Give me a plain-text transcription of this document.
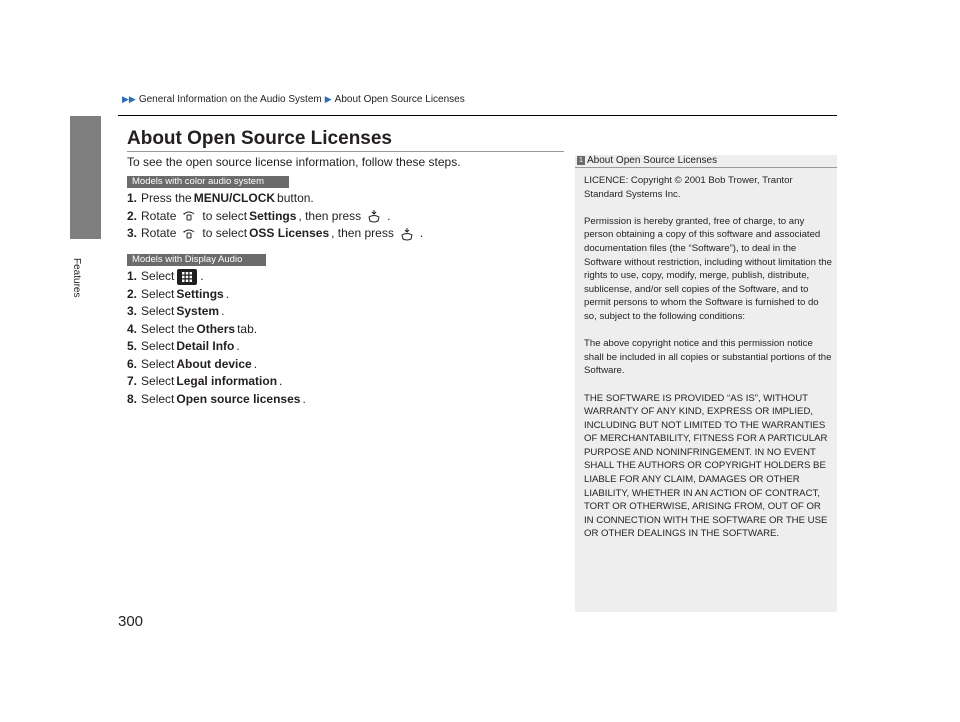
Features
▶▶ General Information on the Audio System ▶ About Open Source Licenses
About Open Source Licenses
To see the open source license information, follow these steps.
Models with color audio system
1. Press the MENU/CLOCK button.
2. Rotate to select Settings , then press .
3. Rotate to select OSS Licenses , then press .
Models with Display Audio
1. Select .
2. Select Settings .
3. Select System .
4. Select the Others tab.
5. Select Detail Info .
6. Select About device .
7. Select Legal information .
8. Select Open source licenses .
1 About Open Source Licenses

LICENCE: Copyright © 2001 Bob Trower, Trantor Standard Systems Inc.

Permission is hereby granted, free of charge, to any person obtaining a copy of this software and associated documentation files (the “Software”), to deal in the Software without restriction, including without limitation the rights to use, copy, modify, merge, publish, distribute, sublicense, and/or sell copies of the Software, and to permit persons to whom the Software is furnished to do so, subject to the following conditions:

The above copyright notice and this permission notice shall be included in all copies or substantial portions of the Software.

THE SOFTWARE IS PROVIDED “AS IS”, WITHOUT WARRANTY OF ANY KIND, EXPRESS OR IMPLIED, INCLUDING BUT NOT LIMITED TO THE WARRANTIES OF MERCHANTABILITY, FITNESS FOR A PARTICULAR PURPOSE AND NONINFRINGEMENT. IN NO EVENT SHALL THE AUTHORS OR COPYRIGHT HOLDERS BE LIABLE FOR ANY CLAIM, DAMAGES OR OTHER LIABILITY, WHETHER IN AN ACTION OF CONTRACT, TORT OR OTHERWISE, ARISING FROM, OUT OF OR IN CONNECTION WITH THE SOFTWARE OR THE USE OR OTHER DEALINGS IN THE SOFTWARE.

300
